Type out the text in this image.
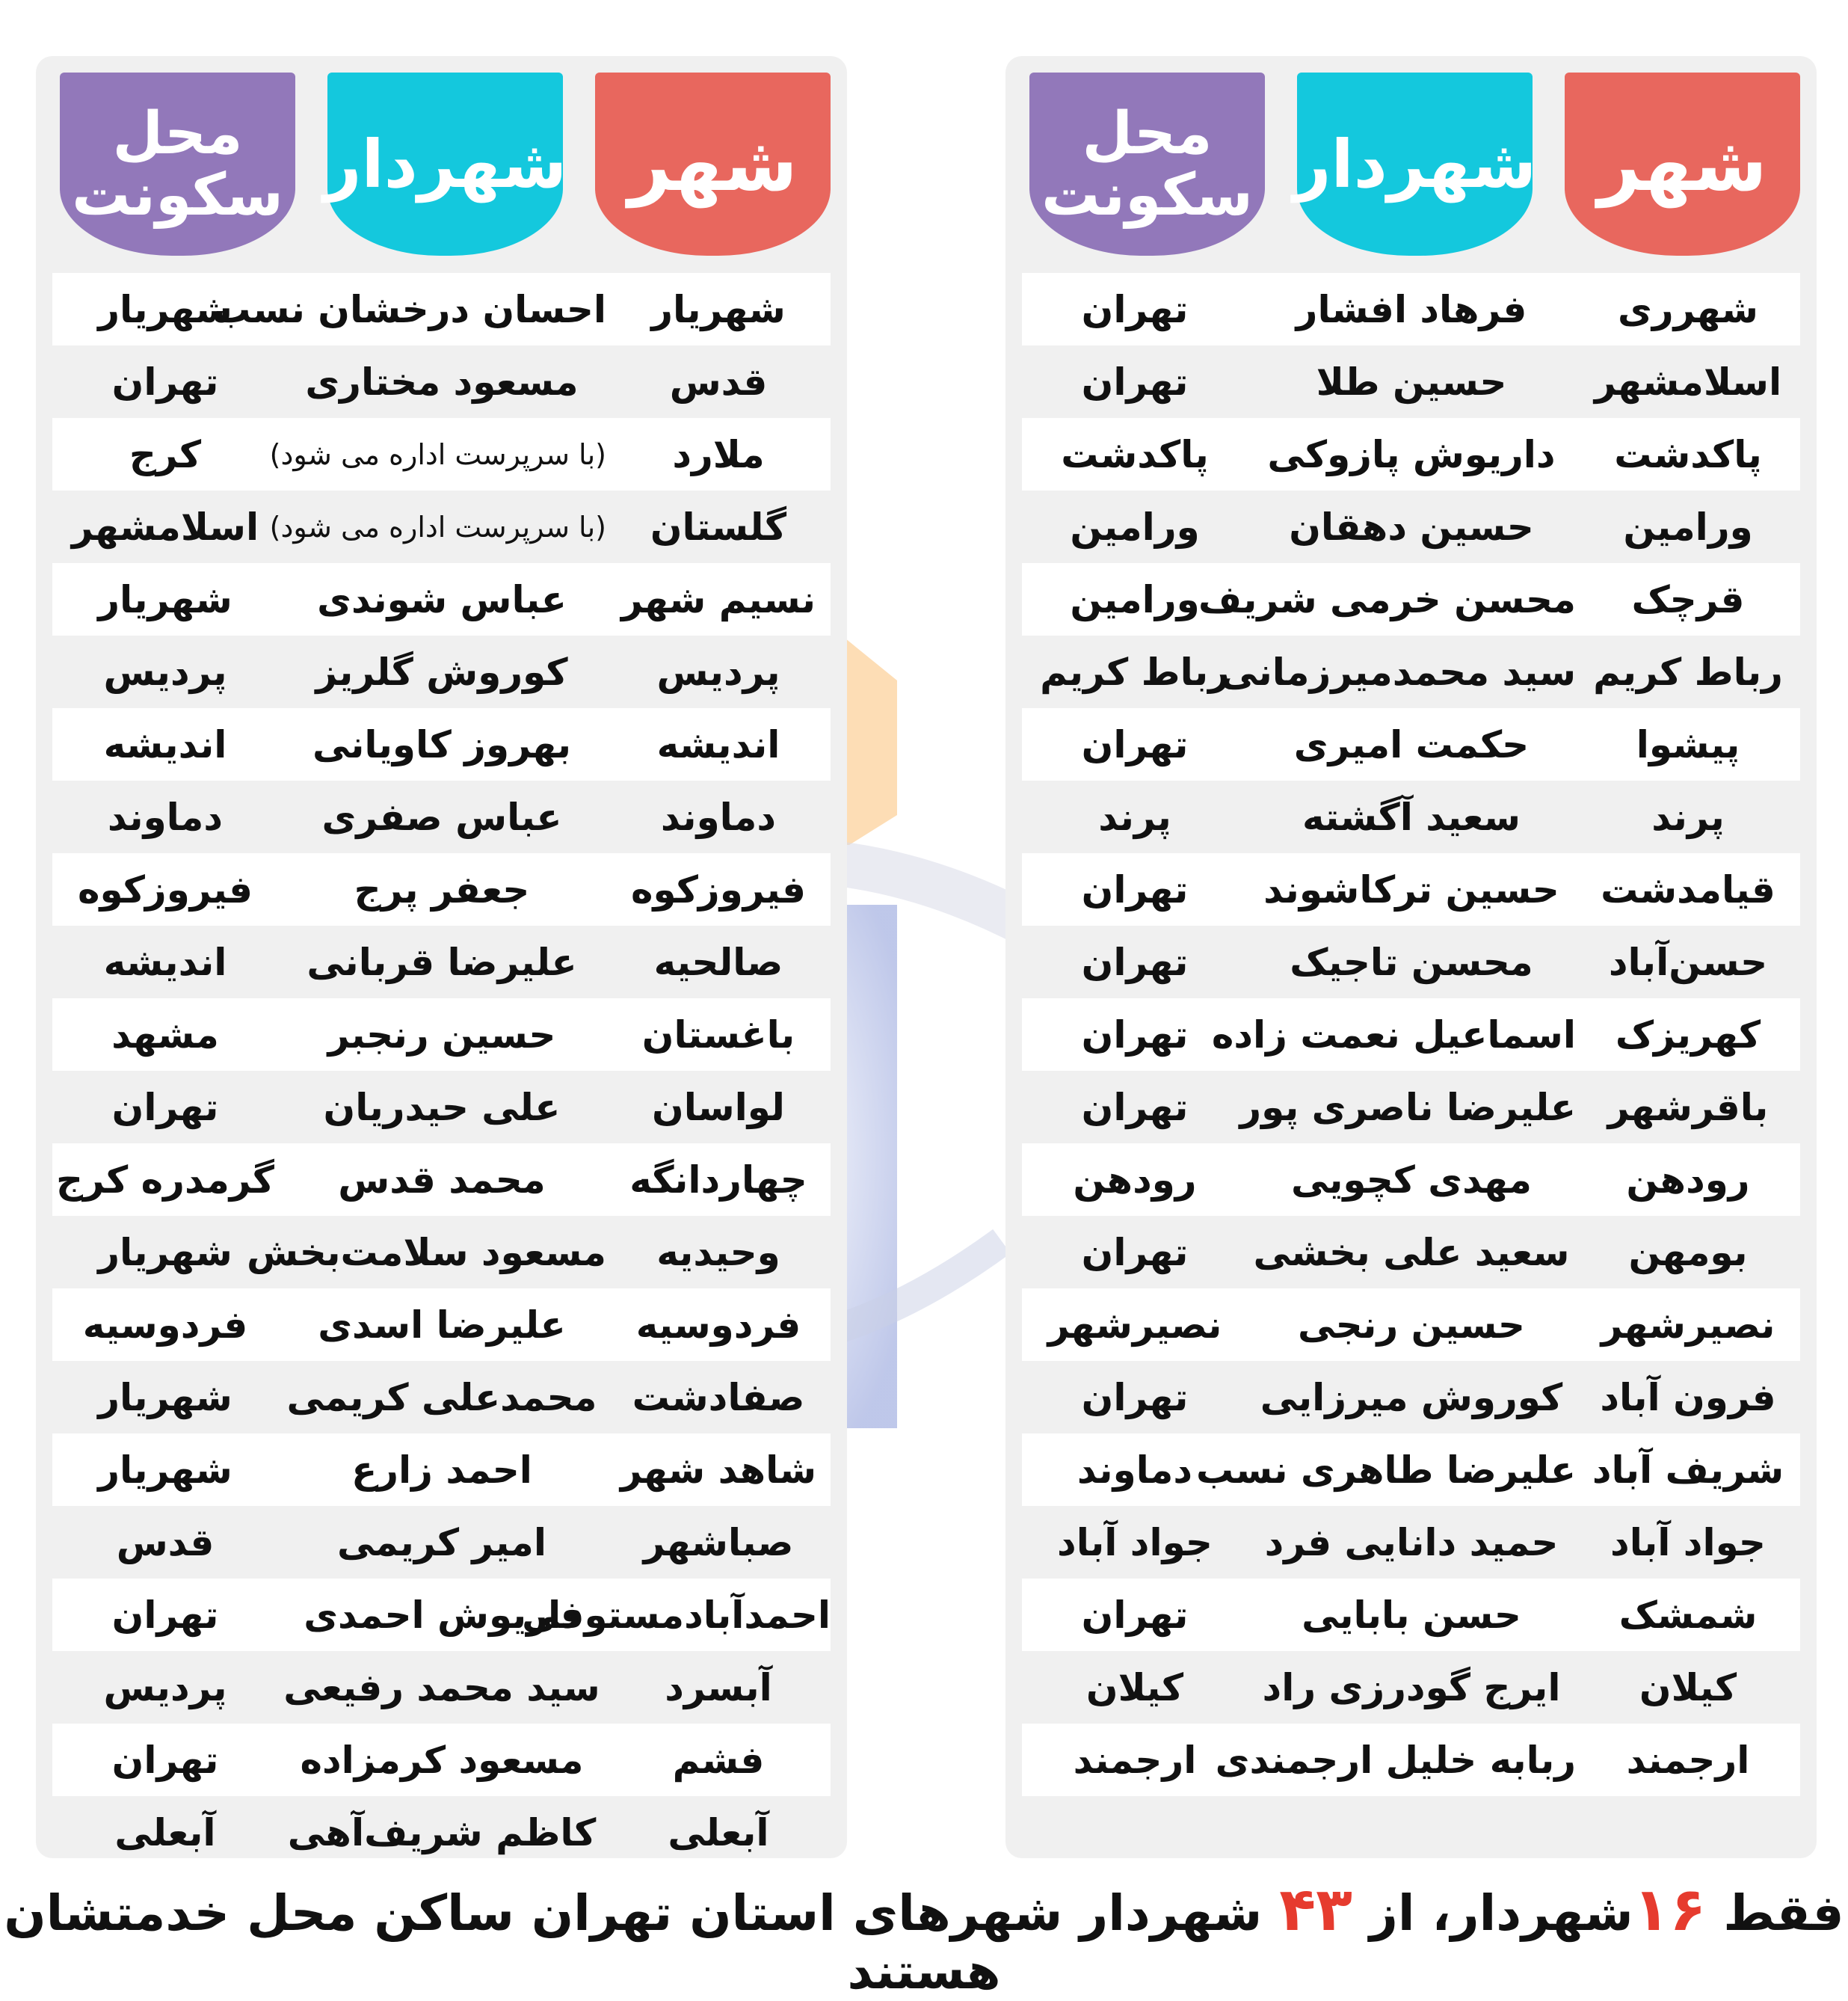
شهر
شهردار
محل
سکونت
شهرری
فرهاد افشار
تهران
اسلامشهر
حسین طلا
تهران
پاکدشت
داریوش پازوکی
پاکدشت
ورامین
حسین دهقان
ورامین
قرچک
محسن خرمی شریف
ورامین
رباط کریم
سید محمدمیرزمانی
رباط کریم
پیشوا
حکمت امیری
تهران
پرند
سعید آگشته
پرند
قیامدشت
حسین ترکاشوند
تهران
حسن‌آباد
محسن تاجیک
تهران
کهریزک
اسماعیل نعمت زاده
تهران
باقرشهر
علیرضا ناصری پور
تهران
رودهن
مهدی کچویی
رودهن
بومهن
سعید علی بخشی
تهران
نصیرشهر
حسین رنجی
نصیرشهر
فرون آباد
کوروش میرزایی
تهران
شریف آباد
علیرضا طاهری نسب
دماوند
جواد آباد
حمید دانایی فرد
جواد آباد
شمشک
حسن بابایی
تهران
کیلان
ایرج گودرزی راد
کیلان
ارجمند
ربابه خلیل ارجمندی
ارجمند
شهر
شهردار
محل
سکونت
شهریار
احسان درخشان نسب
شهریار
قدس
مسعود مختاری
تهران
ملارد
(با سرپرست اداره می شود)
کرج
گلستان
(با سرپرست اداره می شود)
اسلامشهر
نسیم شهر
عباس شوندی
شهریار
پردیس
کوروش گلریز
پردیس
اندیشه
بهروز کاویانی
اندیشه
دماوند
عباس صفری
دماوند
فیروزکوه
جعفر پرج
فیروزکوه
صالحیه
علیرضا قربانی
اندیشه
باغستان
حسین رنجبر
مشهد
لواسان
علی حیدریان
تهران
چهاردانگه
محمد قدس
گرمدره کرج
وحیدیه
مسعود سلامت‌بخش
شهریار
فردوسیه
علیرضا اسدی
فردوسیه
صفادشت
محمدعلی کریمی
شهریار
شاهد شهر
احمد زارع
شهریار
صباشهر
امیر کریمی
قدس
احمدآبادمستوفی
داریوش احمدی
تهران
آبسرد
سید محمد رفیعی
پردیس
فشم
مسعود کرمزاده
تهران
آبعلی
کاظم شریف‌آهی
آبعلی
فقط ۱۶شهردار، از ۴۳ شهردار شهرهای استان تهران ساکن محل خدمتشان هستند
